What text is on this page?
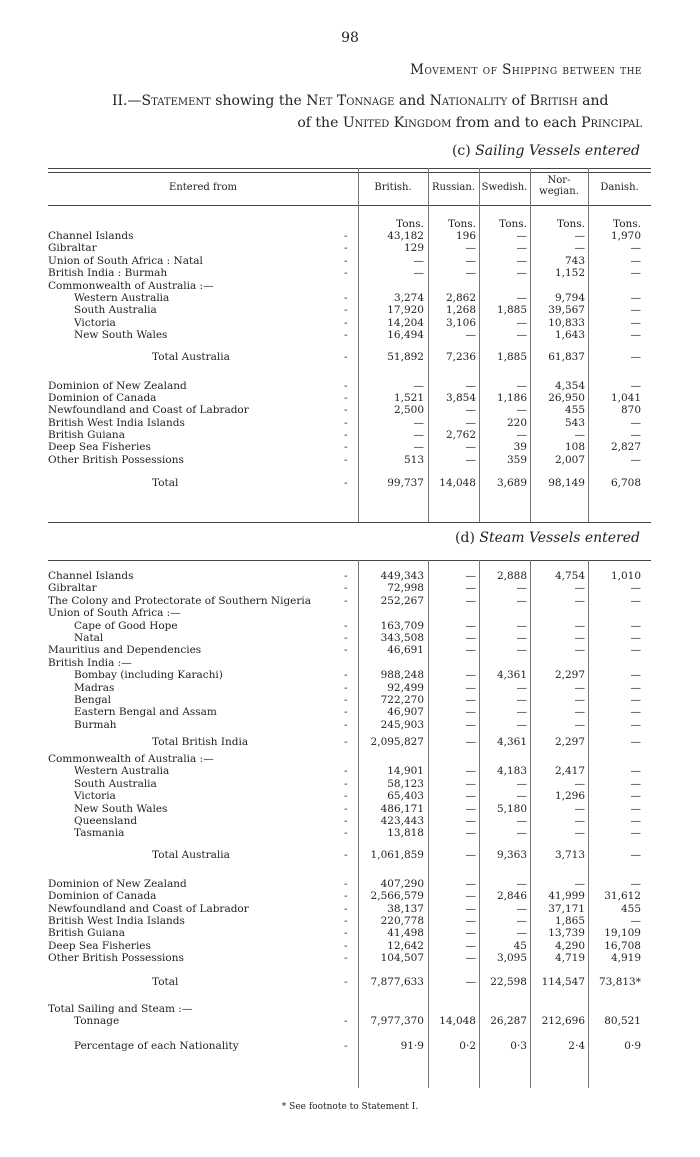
98
Movement of Shipping between the
II.—Statement showing the Net Tonnage and Nationality of British and
of the United Kingdom from and to each Principal
(c) Sailing Vessels entered
Entered from	British.	Russian. Swedish.
Nor-
wegian.	Danish.
Tons. Tons. Tons.	Tons.	Tons.
Channel Islands	-	43,182	196	—	— 1,970
Gibraltar	-	129	—	—	—	—
Union of South Africa : Natal	-	—	—	—	743	—
British India : Burmah	-	—	—	—	1,152	—
Commonwealth of Australia :—
Western Australia	-	3,274 2,862	—	9,794	—
South Australia	-	17,920 1,268 1,885 39,567	—
Victoria	-	14,204 3,106	— 10,833	—
New South Wales	-	16,494	—	—	1,643	—
Total Australia	-	51,892 7,236 1,885 61,837	—
Dominion of New Zealand	-	—	—	—	4,354	—
Dominion of Canada	-	1,521 3,854 1,186 26,950 1,041
Newfoundland and Coast of Labrador	-	2,500	—	—	455	870
British West India Islands	-	—	—	220	543	—
British Guiana	-	— 2,762	—	—	—
Deep Sea Fisheries	-	—	—	39	108 2,827
Other British Possessions	-	513	—	359	2,007	—
Total	-	99,737 14,048 3,689 98,149 6,708
(d) Steam Vessels entered
Channel Islands	-	449,343	— 2,888	4,754 1,010
Gibraltar	-	72,998	—	—	—	—
The Colony and Protectorate of Southern Nigeria	-	252,267	—	—	—	—
Union of South Africa :—
Cape of Good Hope	-	163,709	—	—	—	—
Natal	-	343,508	—	—	—	—
Mauritius and Dependencies	-	46,691	—	—	—	—
British India :—
Bombay (including Karachi)	-	988,248	— 4,361	2,297	—
Madras	-	92,499	—	—	—	—
Bengal	-	722,270	—	—	—	—
Eastern Bengal and Assam	-	46,907	—	—	—	—
Burmah	-	245,903	—	—	—	—
Total British India	- 2,095,827	— 4,361	2,297	—
Commonwealth of Australia :—
Western Australia	-	14,901	— 4,183	2,417	—
South Australia	-	58,123	—	—	—	—
Victoria	-	65,403	—	—	1,296	—
New South Wales	-	486,171	— 5,180	—	—
Queensland	-	423,443	—	—	—	—
Tasmania	-	13,818	—	—	—	—
Total Australia	- 1,061,859	— 9,363	3,713	—
Dominion of New Zealand	-	407,290	—	—	—	—
Dominion of Canada	- 2,566,579	— 2,846 41,999 31,612
Newfoundland and Coast of Labrador	-	38,137	—	— 37,171	455
British West India Islands	-	220,778	—	—	1,865	—
British Guiana	-	41,498	—	— 13,739 19,109
Deep Sea Fisheries	-	12,642	—	45	4,290 16,708
Other British Possessions	-	104,507	— 3,095	4,719 4,919
Total	- 7,877,633	— 22,598 114,547 73,813*
Total Sailing and Steam :—
Tonnage	- 7,977,370 14,048 26,287 212,696 80,521
Percentage of each Nationality	-	91·9	0·2	0·3	2·4	0·9
* See footnote to Statement I.
